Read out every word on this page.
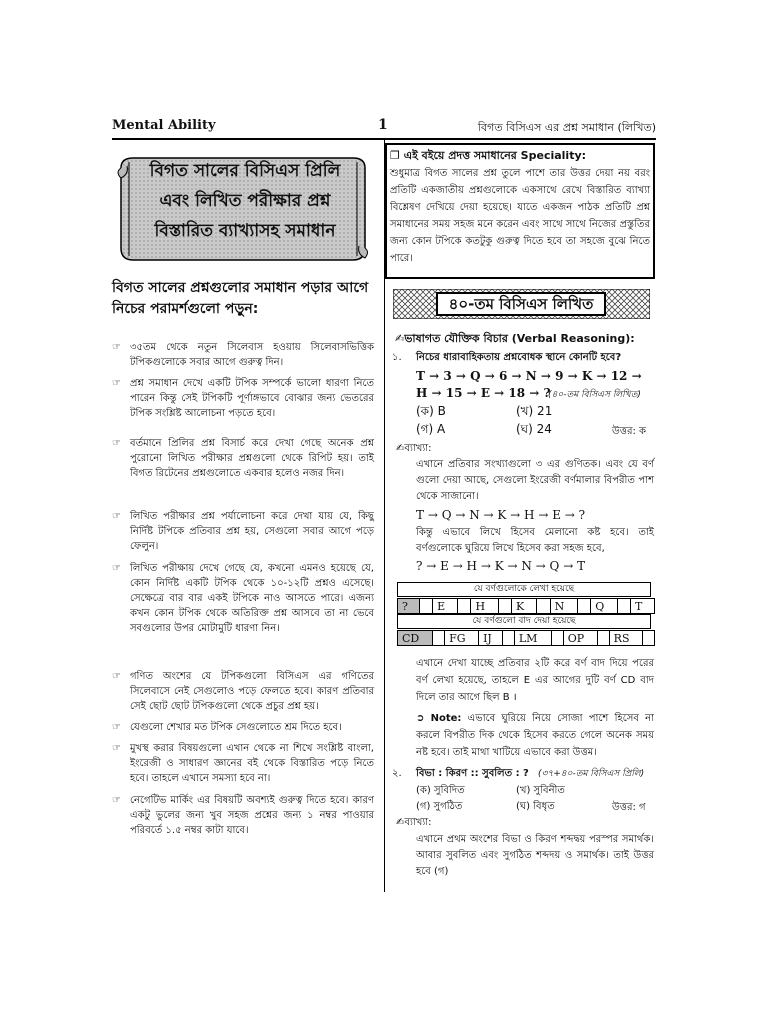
Mental Ability	1	বিগত বিসিএস এর প্রশ্ন সমাধান (লিখিত)
বিগত সালের বিসিএস প্রিলি
এবং লিখিত পরীক্ষার প্রশ্ন
বিস্তারিত ব্যাখ্যাসহ সমাধান
বিগত সালের প্রশ্নগুলোর সমাধান পড়ার আগে নিচের পরামর্শগুলো পড়ুন:
☞ ৩৫তম থেকে নতুন সিলেবাস হওয়ায় সিলেবাসভিত্তিক টপিকগুলোকে সবার আগে গুরুত্ব দিন।
☞ প্রশ্ন সমাধান দেখে একটি টপিক সম্পর্কে ভালো ধারণা নিতে পারেন কিন্তু সেই টপিকটি পূর্ণাঙ্গভাবে বোঝার জন্য ভেতরের টপিক সংশ্লিষ্ট আলোচনা পড়তে হবে।
☞ বর্তমানে প্রিলির প্রশ্ন বিসার্চ করে দেখা গেছে অনেক প্রশ্ন পুরোনো লিখিত পরীক্ষার প্রশ্নগুলো থেকে রিপিট হয়। তাই বিগত রিটেনের প্রশ্নগুলোতে একবার হলেও নজর দিন।
☞ লিখিত পরীক্ষার প্রশ্ন পর্যালোচনা করে দেখা যায় যে, কিছু নির্দিষ্ট টপিকে প্রতিবার প্রশ্ন হয়, সেগুলো সবার আগে পড়ে ফেলুন।
☞ লিখিত পরীক্ষায় দেখে গেছে যে, কখনো এমনও হয়েছে যে, কোন নির্দিষ্ট একটি টপিক থেকে ১০-১২টি প্রশ্নও এসেছে। সেক্ষেত্রে বার বার একই টপিকে নাও আসতে পারে। এজন্য কখন কোন টপিক থেকে অতিরিক্ত প্রশ্ন আসবে তা না ভেবে সবগুলোর উপর মোটামুটি ধারণা নিন।
☞ গণিত অংশের যে টপিকগুলো বিসিএস এর গণিতের সিলেবাসে নেই সেগুলোও পড়ে ফেলতে হবে। কারণ প্রতিবার সেই ছোট ছোট টপিকগুলো থেকে প্রচুর প্রশ্ন হয়।
☞ যেগুলো শেখার মত টপিক সেগুলোতে শ্রম দিতে হবে।
☞ মুখস্থ করার বিষয়গুলো এখান থেকে না শিখে সংশ্লিষ্ট বাংলা, ইংরেজী ও সাধারণ জ্ঞানের বই থেকে বিস্তারিত পড়ে নিতে হবে। তাহলে এখানে সমস্যা হবে না।
☞ নেগেটিভ মার্কিং এর বিষয়টি অবশ্যই গুরুত্ব দিতে হবে। কারণ একটু ভুলের জন্য খুব সহজ প্রশ্নের জন্য ১ নম্বর পাওয়ার পরিবর্তে ১.৫ নম্বর কাটা যাবে।
❐ এই বইয়ে প্রদত্ত সমাধানের Speciality:
শুধুমাত্র বিগত সালের প্রশ্ন তুলে পাশে তার উত্তর দেয়া নয় বরং প্রতিটি একজাতীয় প্রশ্নগুলোকে একসাথে রেখে বিস্তারিত ব্যাখ্যা বিশ্লেষণ দেখিয়ে দেয়া হয়েছে। যাতে একজন পাঠক প্রতিটি প্রশ্ন সমাধানের সময় সহজ মনে করেন এবং সাথে সাথে নিজের প্রস্তুতির জন্য কোন টপিকে কতটুকু গুরুত্ব দিতে হবে তা সহজে বুঝে নিতে পারে।
৪০-তম বিসিএস লিখিত
✍ভাষাগত যৌক্তিক বিচার (Verbal Reasoning):
১. নিচের ধারাবাহিকতায় প্রশ্নবোধক স্থানে কোনটি হবে?
T → 3 → Q → 6 → N → 9 → K → 12 →
H → 15 → E → 18 → ?
(৪০-তম বিসিএস লিখিত)
(ক) B	(খ) 21
(গ) A	(ঘ) 24	উত্তর: ক
✍ব্যাখ্যা:
এখানে প্রতিবার সংখ্যাগুলো ৩ এর গুণিতক। এবং যে বর্ণ গুলো দেয়া আছে, সেগুলো ইংরেজী বর্ণমালার বিপরীত পাশ থেকে সাজানো।
T → Q → N → K → H → E → ?
কিন্তু এভাবে লিখে হিসেব মেলানো কষ্ট হবে। তাই বর্ণগুলোকে ঘুরিয়ে লিখে হিসেব করা সহজ হবে,
? → E → H → K → N → Q → T
যে বর্ণগুলোকে লেখা হয়েছে
?		E		H		K		N		Q		T
যে বর্ণগুলো বাদ দেয়া হয়েছে
CD		FG	IJ		LM		OP		RS	
এখানে দেখা যাচ্ছে প্রতিবার ২টি করে বর্ণ বাদ দিয়ে পরের বর্ণ লেখা হয়েছে, তাহলে E এর আগের দুটি বর্ণ CD বাদ দিলে তার আগে ছিল B ।
➲ Note: এভাবে ঘুরিয়ে নিয়ে সোজা পাশে হিসেব না করলে বিপরীত দিক থেকে হিসেব করতে গেলে অনেক সময় নষ্ট হবে। তাই মাথা খাটিয়ে এভাবে করা উত্তম।
২. বিভা : কিরণ :: সুবলিত : ? (৩৭+৪০-তম বিসিএস প্রিলি)
(ক) সুবিদিত	(খ) সুবিনীত
(গ) সুগঠিত	(ঘ) বিধৃত	উত্তর: গ
✍ব্যাখ্যা:
এখানে প্রথম অংশের বিভা ও কিরণ শব্দদ্বয় পরস্পর সমার্থক। আবার সুবলিত এবং সুগঠিত শব্দদয় ও সমার্থক। তাই উত্তর হবে (গ)
